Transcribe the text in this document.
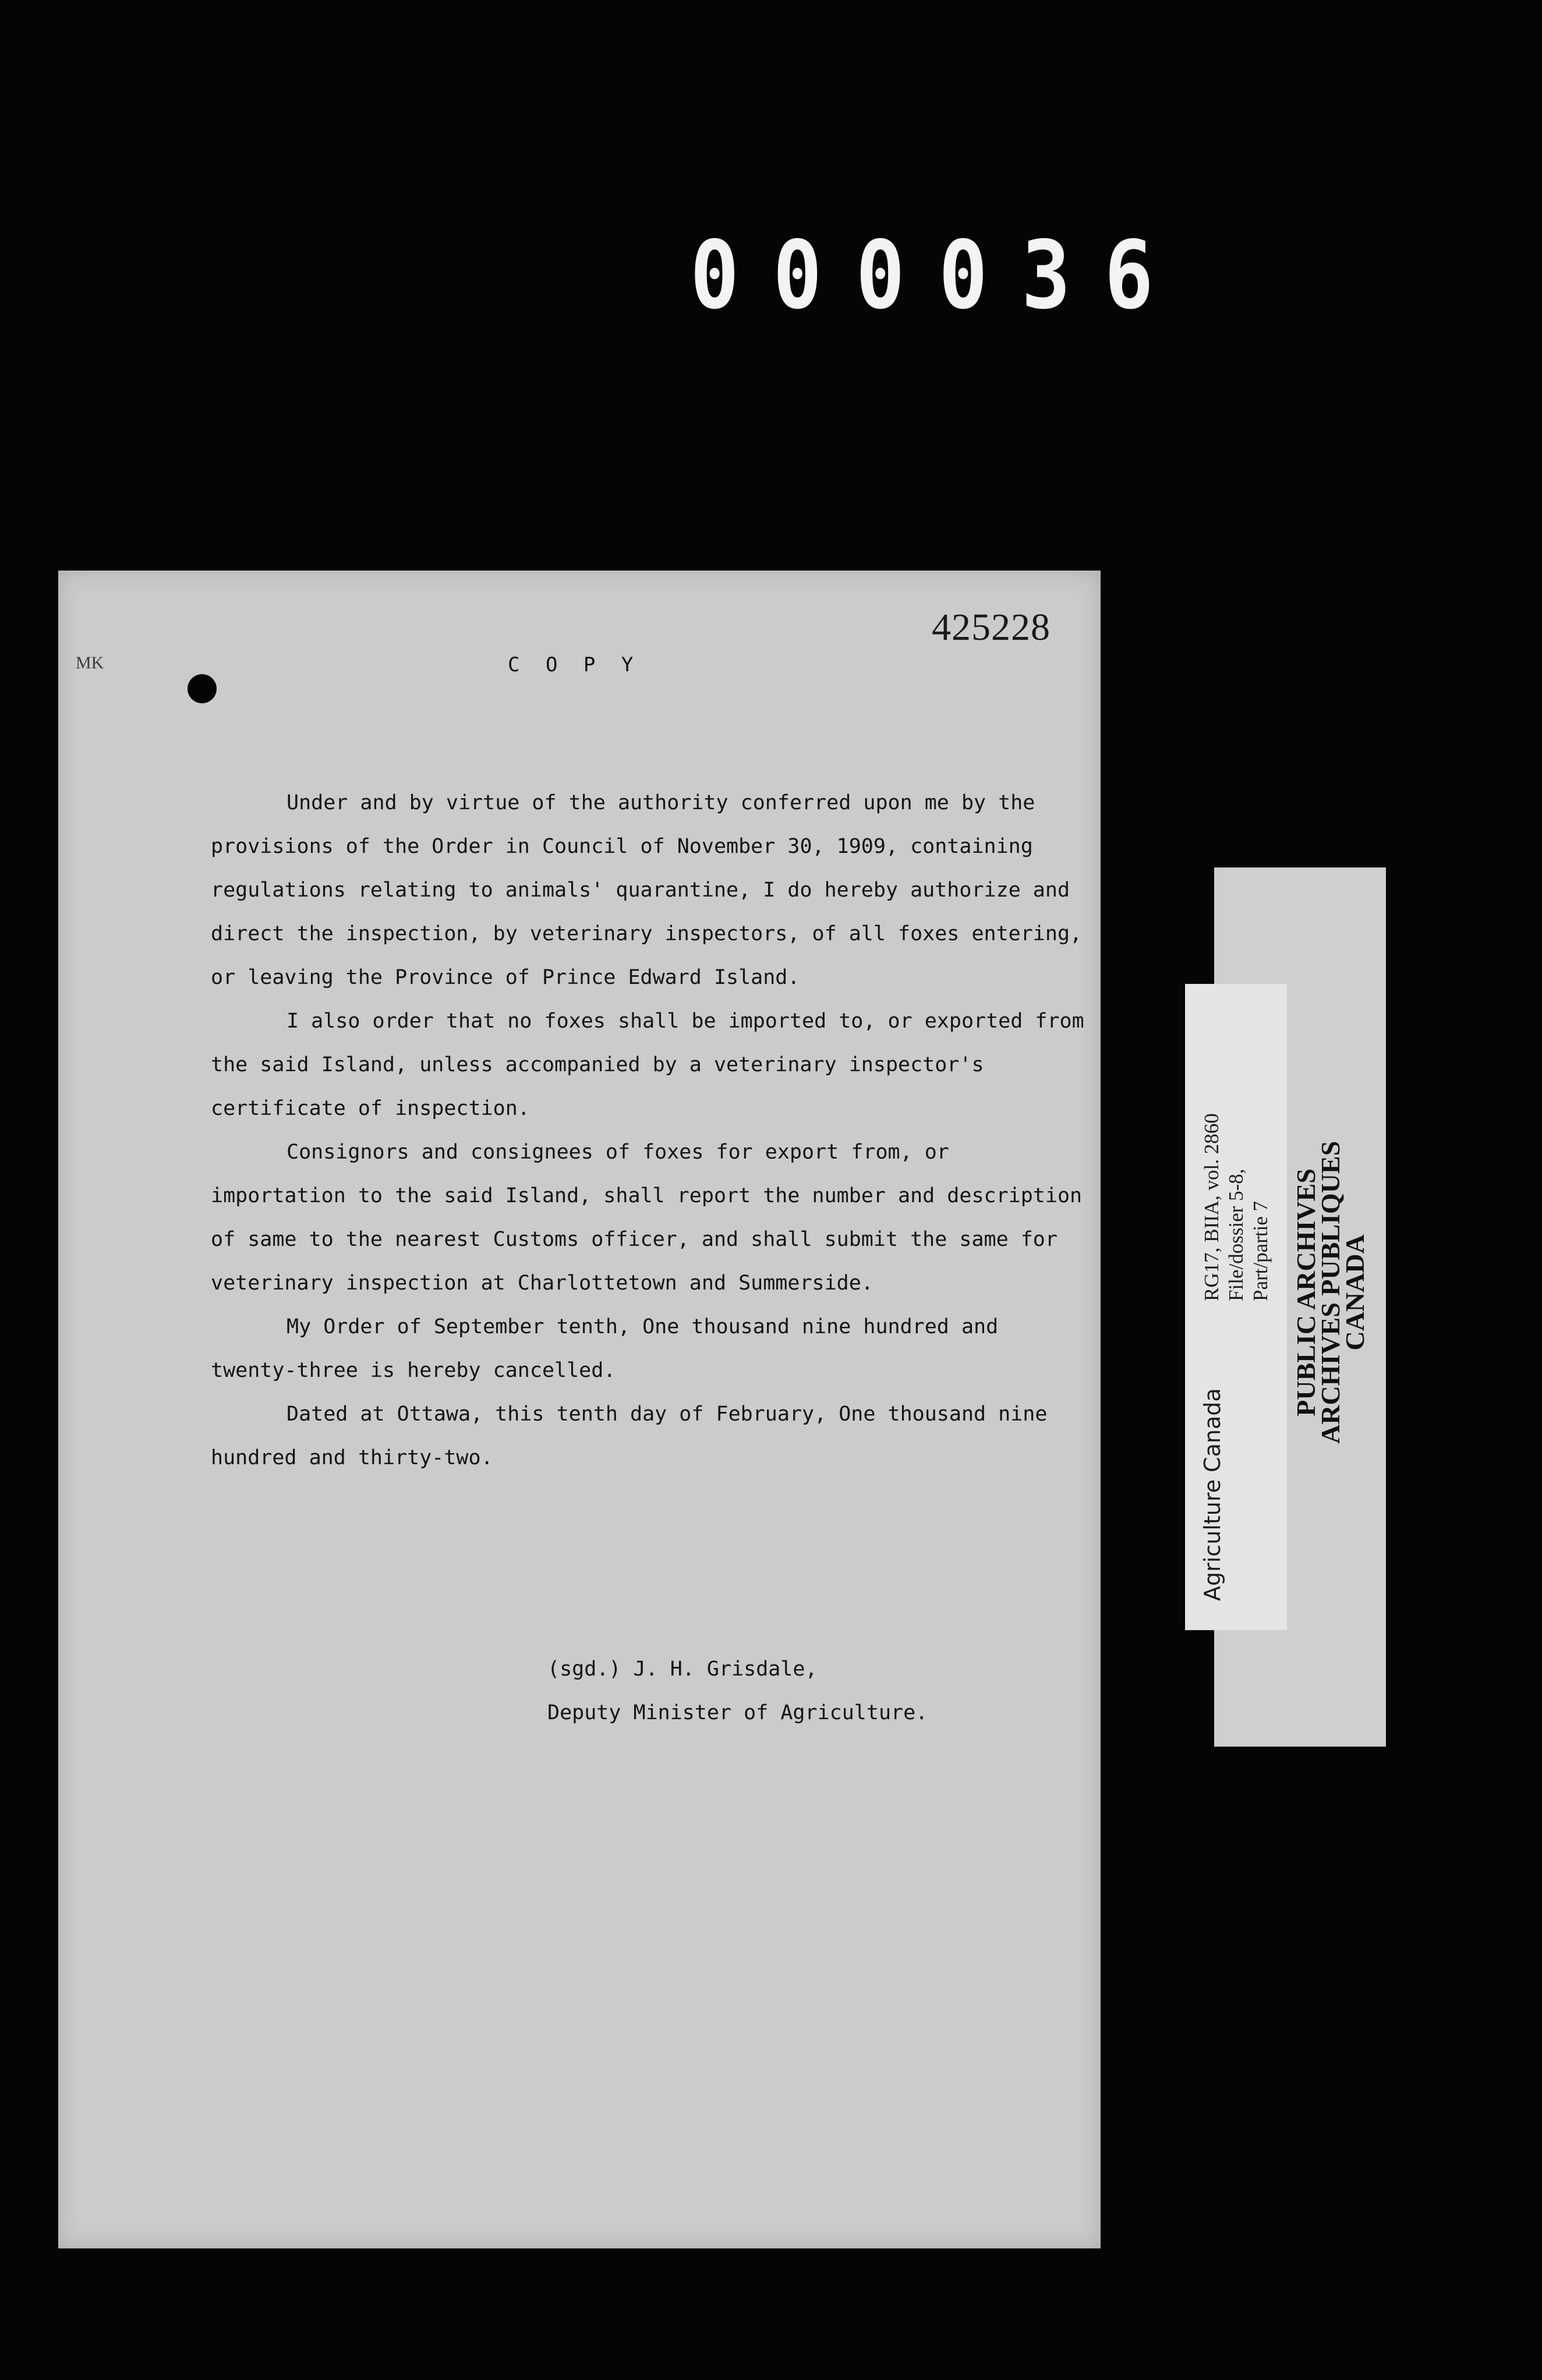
000036
425228
MK	C O P Y

Under and by virtue of the authority conferred upon me by the provisions of the Order in Council of November 30, 1909, containing regulations relating to animals' quarantine, I do hereby authorize and direct the inspection, by veterinary inspectors, of all foxes entering, or leaving the Province of Prince Edward Island.

I also order that no foxes shall be imported to, or exported from the said Island, unless accompanied by a veterinary inspector's certificate of inspection.

Consignors and consignees of foxes for export from, or importation to the said Island, shall report the number and description of same to the nearest Customs officer, and shall submit the same for veterinary inspection at Charlottetown and Summerside.

My Order of September tenth, One thousand nine hundred and twenty-three is hereby cancelled.

Dated at Ottawa, this tenth day of February, One thousand nine hundred and thirty-two.

(sgd.) J. H. Grisdale,
Deputy Minister of Agriculture.
Agriculture Canada
RG17, BIIA, vol. 2860 File/dossier 5-8, Part/partie 7 PUBLIC ARCHIVES
ARCHIVES PUBLIQUES
CANADA
